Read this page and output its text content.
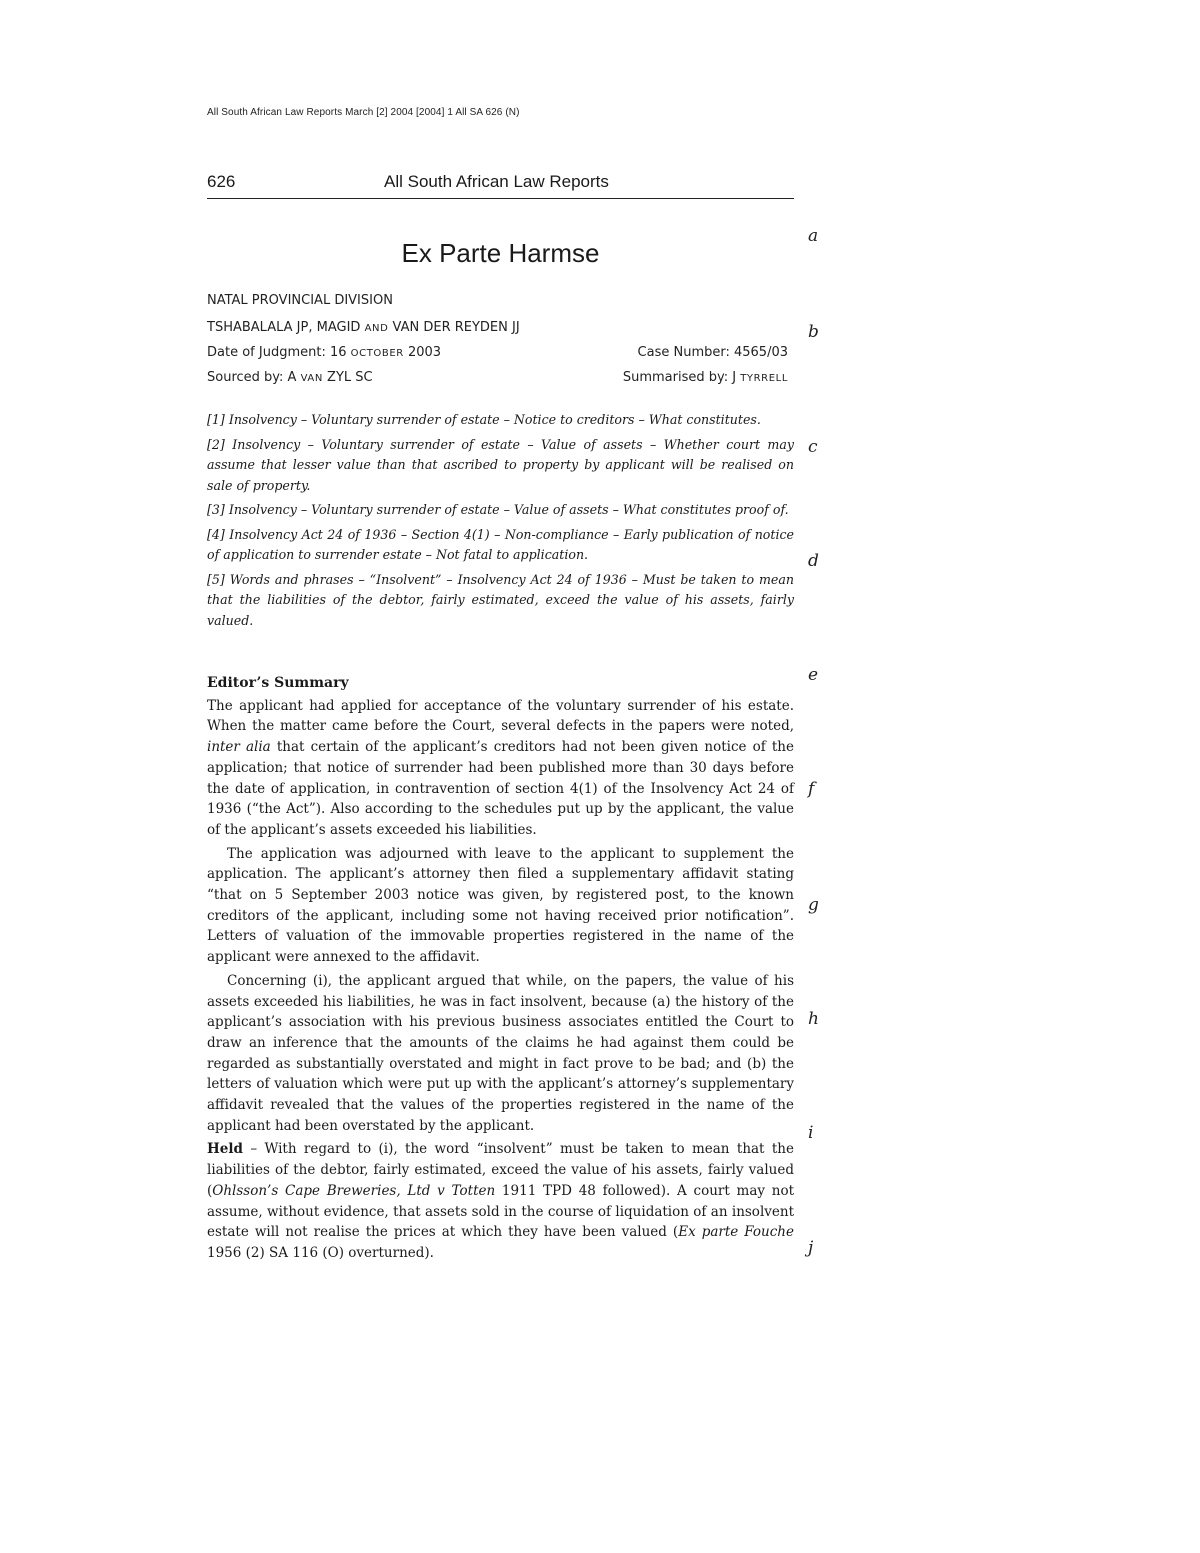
All South African Law Reports March [2] 2004 [2004] 1 All SA 626 (N)
626	All South African Law Reports
Ex Parte Harmse
NATAL PROVINCIAL DIVISION
TSHABALALA JP, MAGID AND VAN DER REYDEN JJ
Date of Judgment: 16 OCTOBER 2003	Case Number: 4565/03
Sourced by: A VAN ZYL SC	Summarised by: J TYRRELL

[1] Insolvency – Voluntary surrender of estate – Notice to creditors – What constitutes.

[2] Insolvency – Voluntary surrender of estate – Value of assets – Whether court may assume that lesser value than that ascribed to property by applicant will be realised on sale of property.

[3] Insolvency – Voluntary surrender of estate – Value of assets – What constitutes proof of.

[4] Insolvency Act 24 of 1936 – Section 4(1) – Non-compliance – Early publication of notice of application to surrender estate – Not fatal to application.

[5] Words and phrases – “Insolvent” – Insolvency Act 24 of 1936 – Must be taken to mean that the liabilities of the debtor, fairly estimated, exceed the value of his assets, fairly valued.

Editor’s Summary

The applicant had applied for acceptance of the voluntary surrender of his estate. When the matter came before the Court, several defects in the papers were noted, inter alia that certain of the applicant’s creditors had not been given notice of the application; that notice of surrender had been published more than 30 days before the date of application, in contravention of section 4(1) of the Insolvency Act 24 of 1936 (“the Act”). Also according to the schedules put up by the applicant, the value of the applicant’s assets exceeded his liabilities.

The application was adjourned with leave to the applicant to supplement the application. The applicant’s attorney then filed a supplementary affidavit stating “that on 5 September 2003 notice was given, by registered post, to the known creditors of the applicant, including some not having received prior notification”. Letters of valuation of the immovable properties registered in the name of the applicant were annexed to the affidavit.

Concerning (i), the applicant argued that while, on the papers, the value of his assets exceeded his liabilities, he was in fact insolvent, because (a) the history of the applicant’s association with his previous business associates entitled the Court to draw an inference that the amounts of the claims he had against them could be regarded as substantially overstated and might in fact prove to be bad; and (b) the letters of valuation which were put up with the applicant’s attorney’s supplementary affidavit revealed that the values of the properties registered in the name of the applicant had been overstated by the applicant.

Held – With regard to (i), the word “insolvent” must be taken to mean that the liabilities of the debtor, fairly estimated, exceed the value of his assets, fairly valued (Ohlsson’s Cape Breweries, Ltd v Totten 1911 TPD 48 followed). A court may not assume, without evidence, that assets sold in the course of liquidation of an insolvent estate will not realise the prices at which they have been valued (Ex parte Fouche 1956 (2) SA 116 (O) overturned).

a
b
c
d
e
f
g
h
i
j
